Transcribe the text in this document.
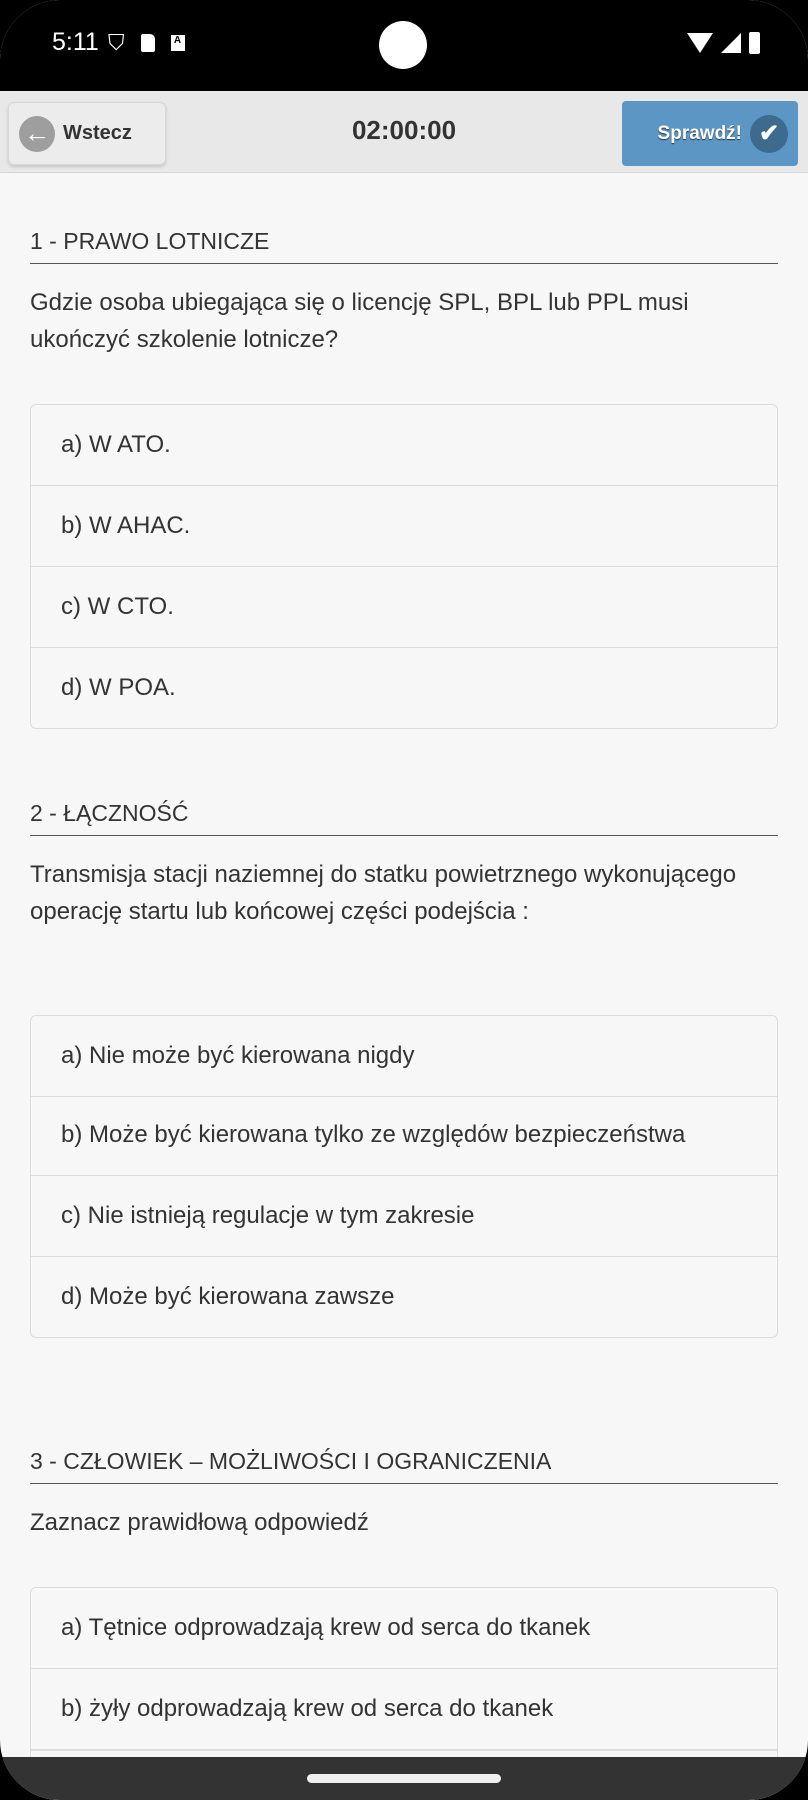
5:11 ⛉	A
← Wstecz	02:00:00	Sprawdź! ✔
1 - PRAWO LOTNICZE
Gdzie osoba ubiegająca się o licencję SPL, BPL lub PPL musi ukończyć szkolenie lotnicze?
a) W ATO.
b) W AHAC.
c) W CTO.
d) W POA.
2 - ŁĄCZNOŚĆ
Transmisja stacji naziemnej do statku powietrznego wykonującego operację startu lub końcowej części podejścia :
a) Nie może być kierowana nigdy
b) Może być kierowana tylko ze względów bezpieczeństwa
c) Nie istnieją regulacje w tym zakresie
d) Może być kierowana zawsze
3 - CZŁOWIEK – MOŻLIWOŚCI I OGRANICZENIA
Zaznacz prawidłową odpowiedź
a) Tętnice odprowadzają krew od serca do tkanek
b) żyły odprowadzają krew od serca do tkanek
